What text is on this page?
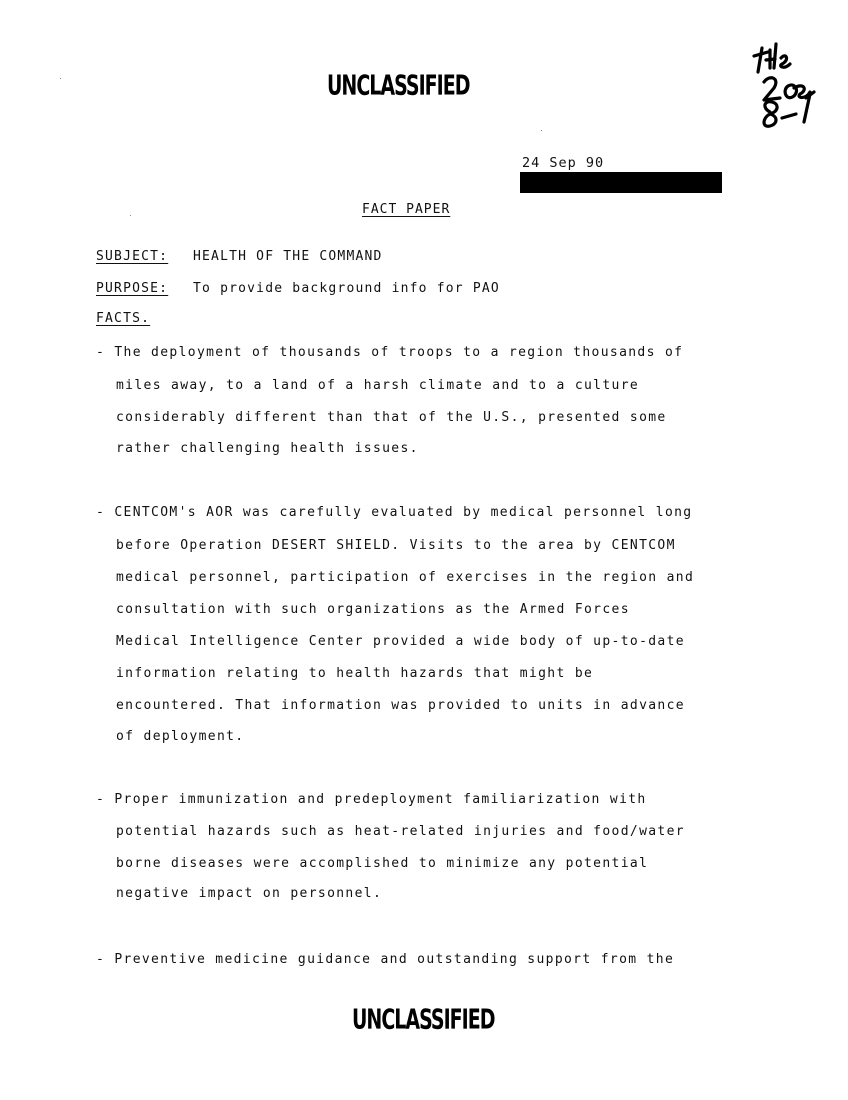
UNCLASSIFIED
24 Sep 90
FACT PAPER
SUBJECT: HEALTH OF THE COMMAND
PURPOSE: To provide background info for PAO
FACTS.
- The deployment of thousands of troops to a region thousands of
miles away, to a land of a harsh climate and to a culture
considerably different than that of the U.S., presented some
rather challenging health issues.
- CENTCOM's AOR was carefully evaluated by medical personnel long
before Operation DESERT SHIELD. Visits to the area by CENTCOM
medical personnel, participation of exercises in the region and
consultation with such organizations as the Armed Forces
Medical Intelligence Center provided a wide body of up-to-date
information relating to health hazards that might be
encountered. That information was provided to units in advance
of deployment.
- Proper immunization and predeployment familiarization with
potential hazards such as heat-related injuries and food/water
borne diseases were accomplished to minimize any potential
negative impact on personnel.
- Preventive medicine guidance and outstanding support from the
UNCLASSIFIED
